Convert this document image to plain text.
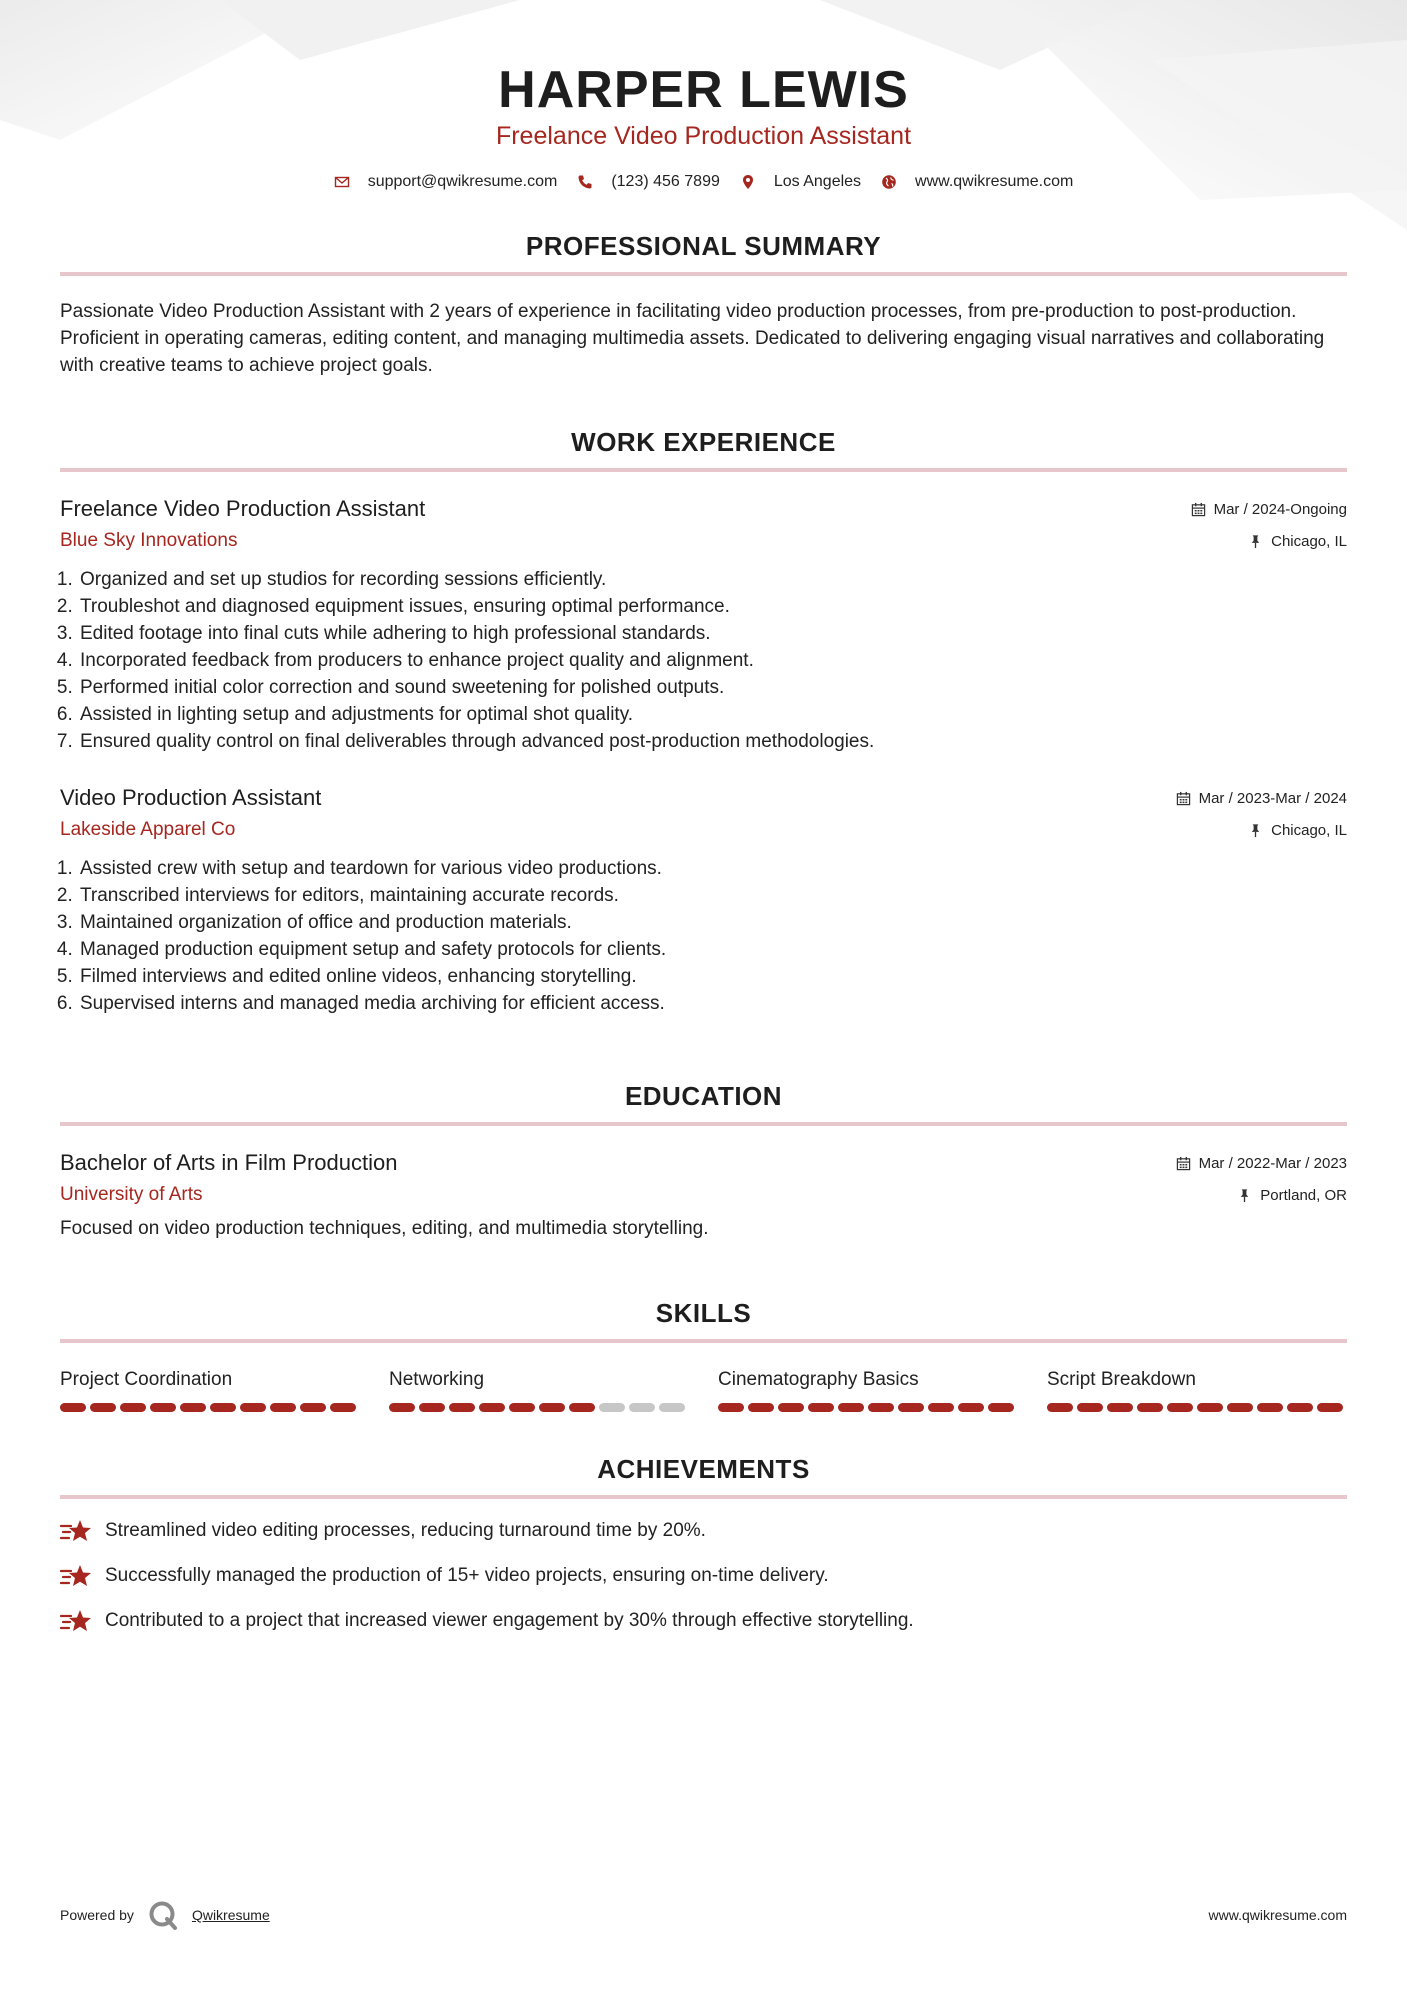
HARPER LEWIS
Freelance Video Production Assistant
support@qwikresume.com	(123) 456 7899	Los Angeles	www.qwikresume.com
PROFESSIONAL SUMMARY
Passionate Video Production Assistant with 2 years of experience in facilitating video production processes, from pre-production to post-production. Proficient in operating cameras, editing content, and managing multimedia assets. Dedicated to delivering engaging visual narratives and collaborating with creative teams to achieve project goals.
WORK EXPERIENCE
Freelance Video Production Assistant	Mar / 2024-Ongoing
Blue Sky Innovations	Chicago, IL
1. Organized and set up studios for recording sessions efficiently.
2. Troubleshot and diagnosed equipment issues, ensuring optimal performance.
3. Edited footage into final cuts while adhering to high professional standards.
4. Incorporated feedback from producers to enhance project quality and alignment.
5. Performed initial color correction and sound sweetening for polished outputs.
6. Assisted in lighting setup and adjustments for optimal shot quality.
7. Ensured quality control on final deliverables through advanced post-production methodologies.
Video Production Assistant	Mar / 2023-Mar / 2024
Lakeside Apparel Co	Chicago, IL
1. Assisted crew with setup and teardown for various video productions.
2. Transcribed interviews for editors, maintaining accurate records.
3. Maintained organization of office and production materials.
4. Managed production equipment setup and safety protocols for clients.
5. Filmed interviews and edited online videos, enhancing storytelling.
6. Supervised interns and managed media archiving for efficient access.
EDUCATION
Bachelor of Arts in Film Production	Mar / 2022-Mar / 2023
University of Arts	Portland, OR
Focused on video production techniques, editing, and multimedia storytelling.
SKILLS
Project Coordination	Networking	Cinematography Basics	Script Breakdown
ACHIEVEMENTS
Streamlined video editing processes, reducing turnaround time by 20%.
Successfully managed the production of 15+ video projects, ensuring on-time delivery.
Contributed to a project that increased viewer engagement by 30% through effective storytelling.
Powered by	Qwikresume	www.qwikresume.com
